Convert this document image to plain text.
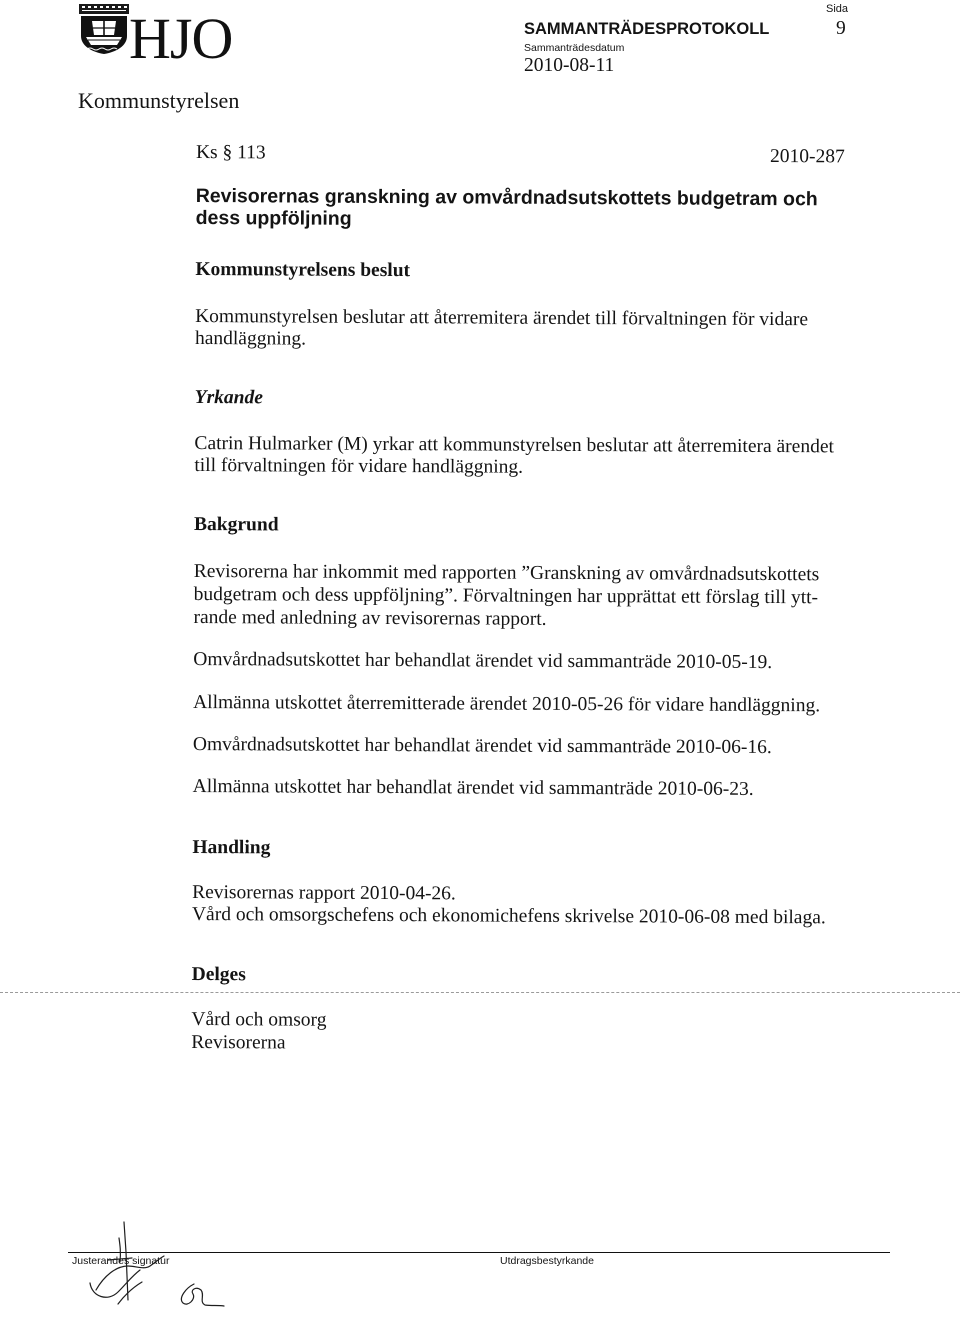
HJO	SAMMANTRÄDESPROTOKOLL
Sida
9
Sammanträdesdatum
2010-08-11
Kommunstyrelsen
Ks § 113	2010-287
Revisorernas granskning av omvårdnadsutskottets budgetram och
dess uppföljning
Kommunstyrelsens beslut
Kommunstyrelsen beslutar att återremitera ärendet till förvaltningen för vidare
handläggning.
Yrkande
Catrin Hulmarker (M) yrkar att kommunstyrelsen beslutar att återremitera ärendet
till förvaltningen för vidare handläggning.
Bakgrund
Revisorerna har inkommit med rapporten ”Granskning av omvårdnadsutskottets
budgetram och dess uppföljning”. Förvaltningen har upprättat ett förslag till ytt-
rande med anledning av revisorernas rapport.
Omvårdnadsutskottet har behandlat ärendet vid sammanträde 2010-05-19.
Allmänna utskottet återremitterade ärendet 2010-05-26 för vidare handläggning.
Omvårdnadsutskottet har behandlat ärendet vid sammanträde 2010-06-16.
Allmänna utskottet har behandlat ärendet vid sammanträde 2010-06-23.
Handling
Revisorernas rapport 2010-04-26.
Vård och omsorgschefens och ekonomichefens skrivelse 2010-06-08 med bilaga.
Delges
Vård och omsorg
Revisorerna
Justerandes signatur	Utdragsbestyrkande
